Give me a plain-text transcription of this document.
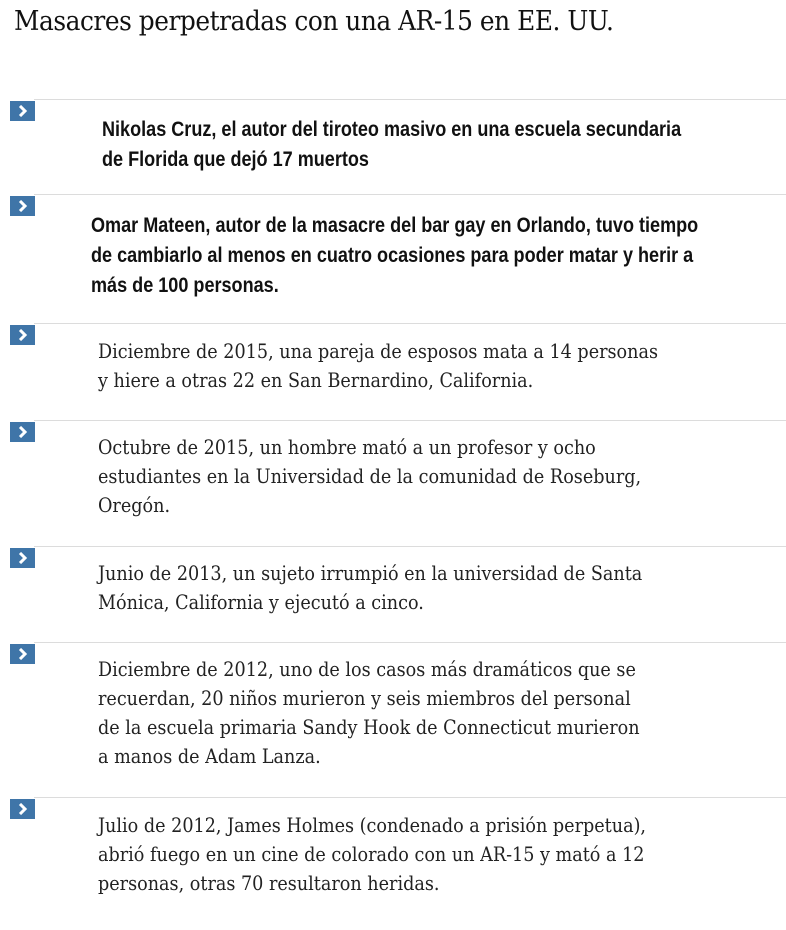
Masacres perpetradas con una AR-15 en EE. UU.
Nikolas Cruz, el autor del tiroteo masivo en una escuela secundaria
de Florida que dejó 17 muertos
Omar Mateen, autor de la masacre del bar gay en Orlando, tuvo tiempo
de cambiarlo al menos en cuatro ocasiones para poder matar y herir a
más de 100 personas.
Diciembre de 2015, una pareja de esposos mata a 14 personas
y hiere a otras 22 en San Bernardino, California.
Octubre de 2015, un hombre mató a un profesor y ocho
estudiantes en la Universidad de la comunidad de Roseburg,
Oregón.
Junio de 2013, un sujeto irrumpió en la universidad de Santa
Mónica, California y ejecutó a cinco.
Diciembre de 2012, uno de los casos más dramáticos que se
recuerdan, 20 niños murieron y seis miembros del personal
de la escuela primaria Sandy Hook de Connecticut murieron
a manos de Adam Lanza.
Julio de 2012, James Holmes (condenado a prisión perpetua),
abrió fuego en un cine de colorado con un AR-15 y mató a 12
personas, otras 70 resultaron heridas.
